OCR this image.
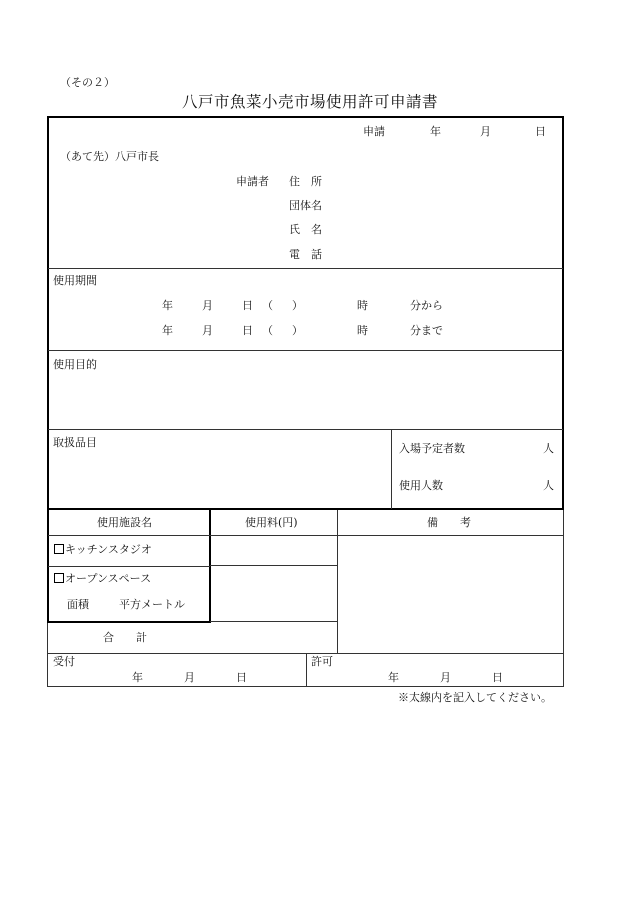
（その２）
八戸市魚菜小売市場使用許可申請書
申請	年	月	日
（あて先）八戸市長
申請者 住　所
団体名
氏　名
電　話
使用期間
年	月	日 （ ）	時	分から
年	月	日 （ ）	時	分まで
使用目的
取扱品目	入場予定者数	人
使用人数	人
使用施設名	使用料(円)	備　　考
キッチンスタジオ
オープンスペース
面積	平方メートル
合　　計
受付
年	月	日
許可
年	月	日
※太線内を記入してください。
